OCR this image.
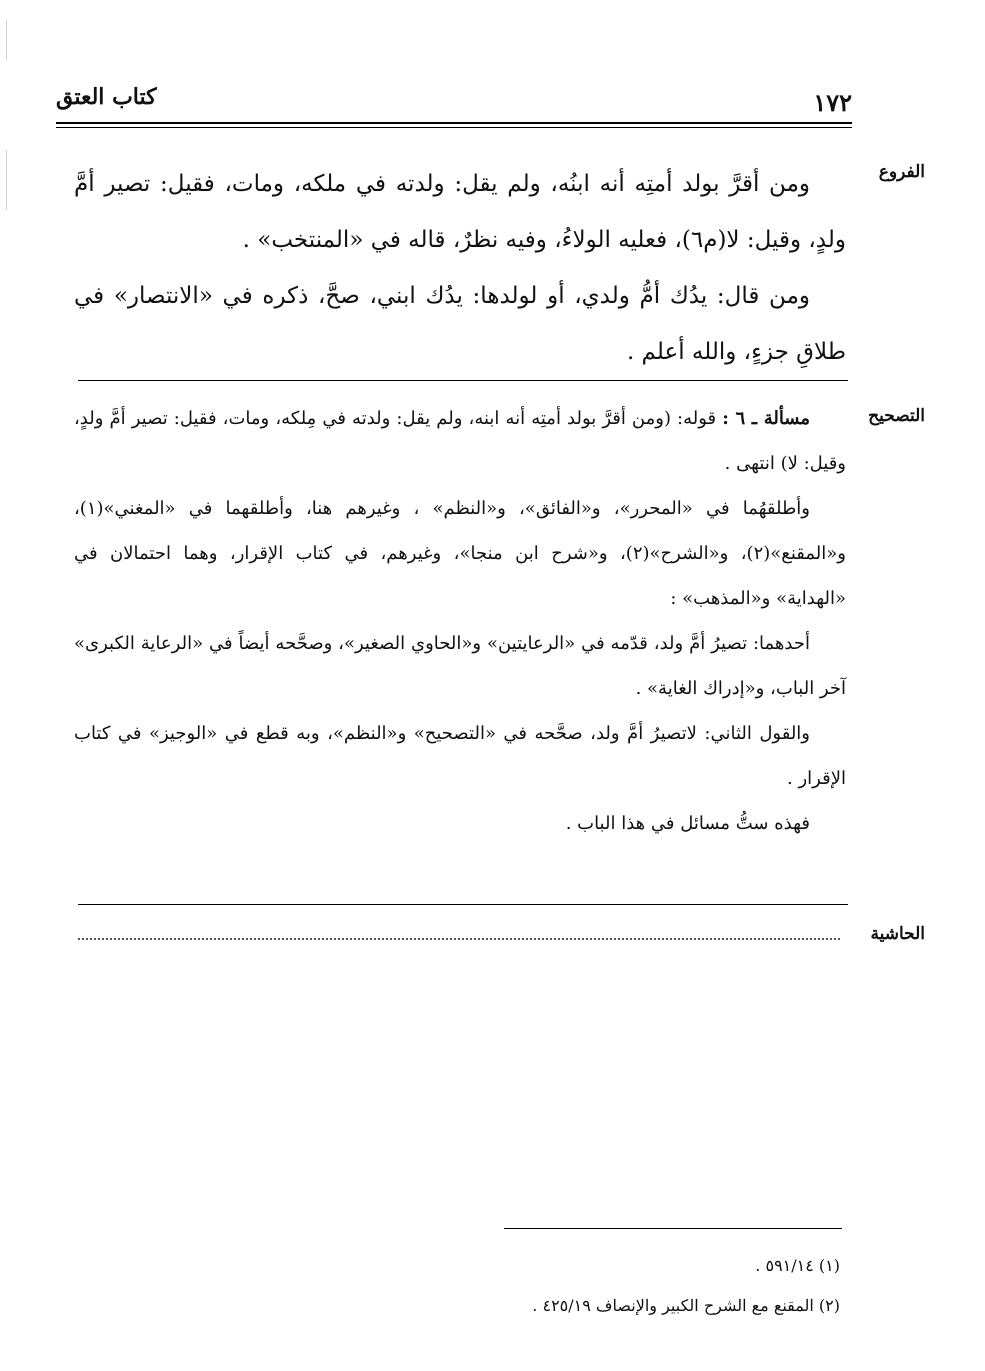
١٧٢
كتاب العتق
الفروع

ومن أقرَّ بولد أمتِه أنه ابنُه، ولم يقل: ولدته في ملكه، ومات، فقيل: تصير أمَّ ولدٍ، وقيل: لا(م٦)، فعليه الولاءُ، وفيه نظرٌ، قاله في «المنتخب» .

ومن قال: يدُك أمُّ ولدي، أو لولدها: يدُك ابني، صحَّ، ذكره في «الانتصار» في طلاقِ جزءٍ، والله أعلم .

التصحيح

مسألة ـ ٦ : قوله: (ومن أقرَّ بولد أمتِه أنه ابنه، ولم يقل: ولدته في مِلكه، ومات، فقيل: تصير أمَّ ولدٍ، وقيل: لا) انتهى .

وأطلقهُما في «المحرر»، و«الفائق»، و«النظم» ، وغيرهم هنا، وأطلقهما في «المغني»(١)، و«المقنع»(٢)، و«الشرح»(٢)، و«شرح ابن منجا»، وغيرهم، في كتاب الإقرار، وهما احتمالان في «الهداية» و«المذهب» :

أحدهما: تصيرُ أمَّ ولد، قدّمه في «الرعايتين» و«الحاوي الصغير»، وصحَّحه أيضاً في «الرعاية الكبرى» آخر الباب، و«إدراك الغاية» .

والقول الثاني: لاتصيرُ أمَّ ولد، صحَّحه في «التصحيح» و«النظم»، وبه قطع في «الوجيز» في كتاب الإقرار .

فهذه ستُّ مسائل في هذا الباب .

الحاشية

(١) ٥٩١/١٤ .

(٢) المقنع مع الشرح الكبير والإنصاف ٤٢٥/١٩ .
